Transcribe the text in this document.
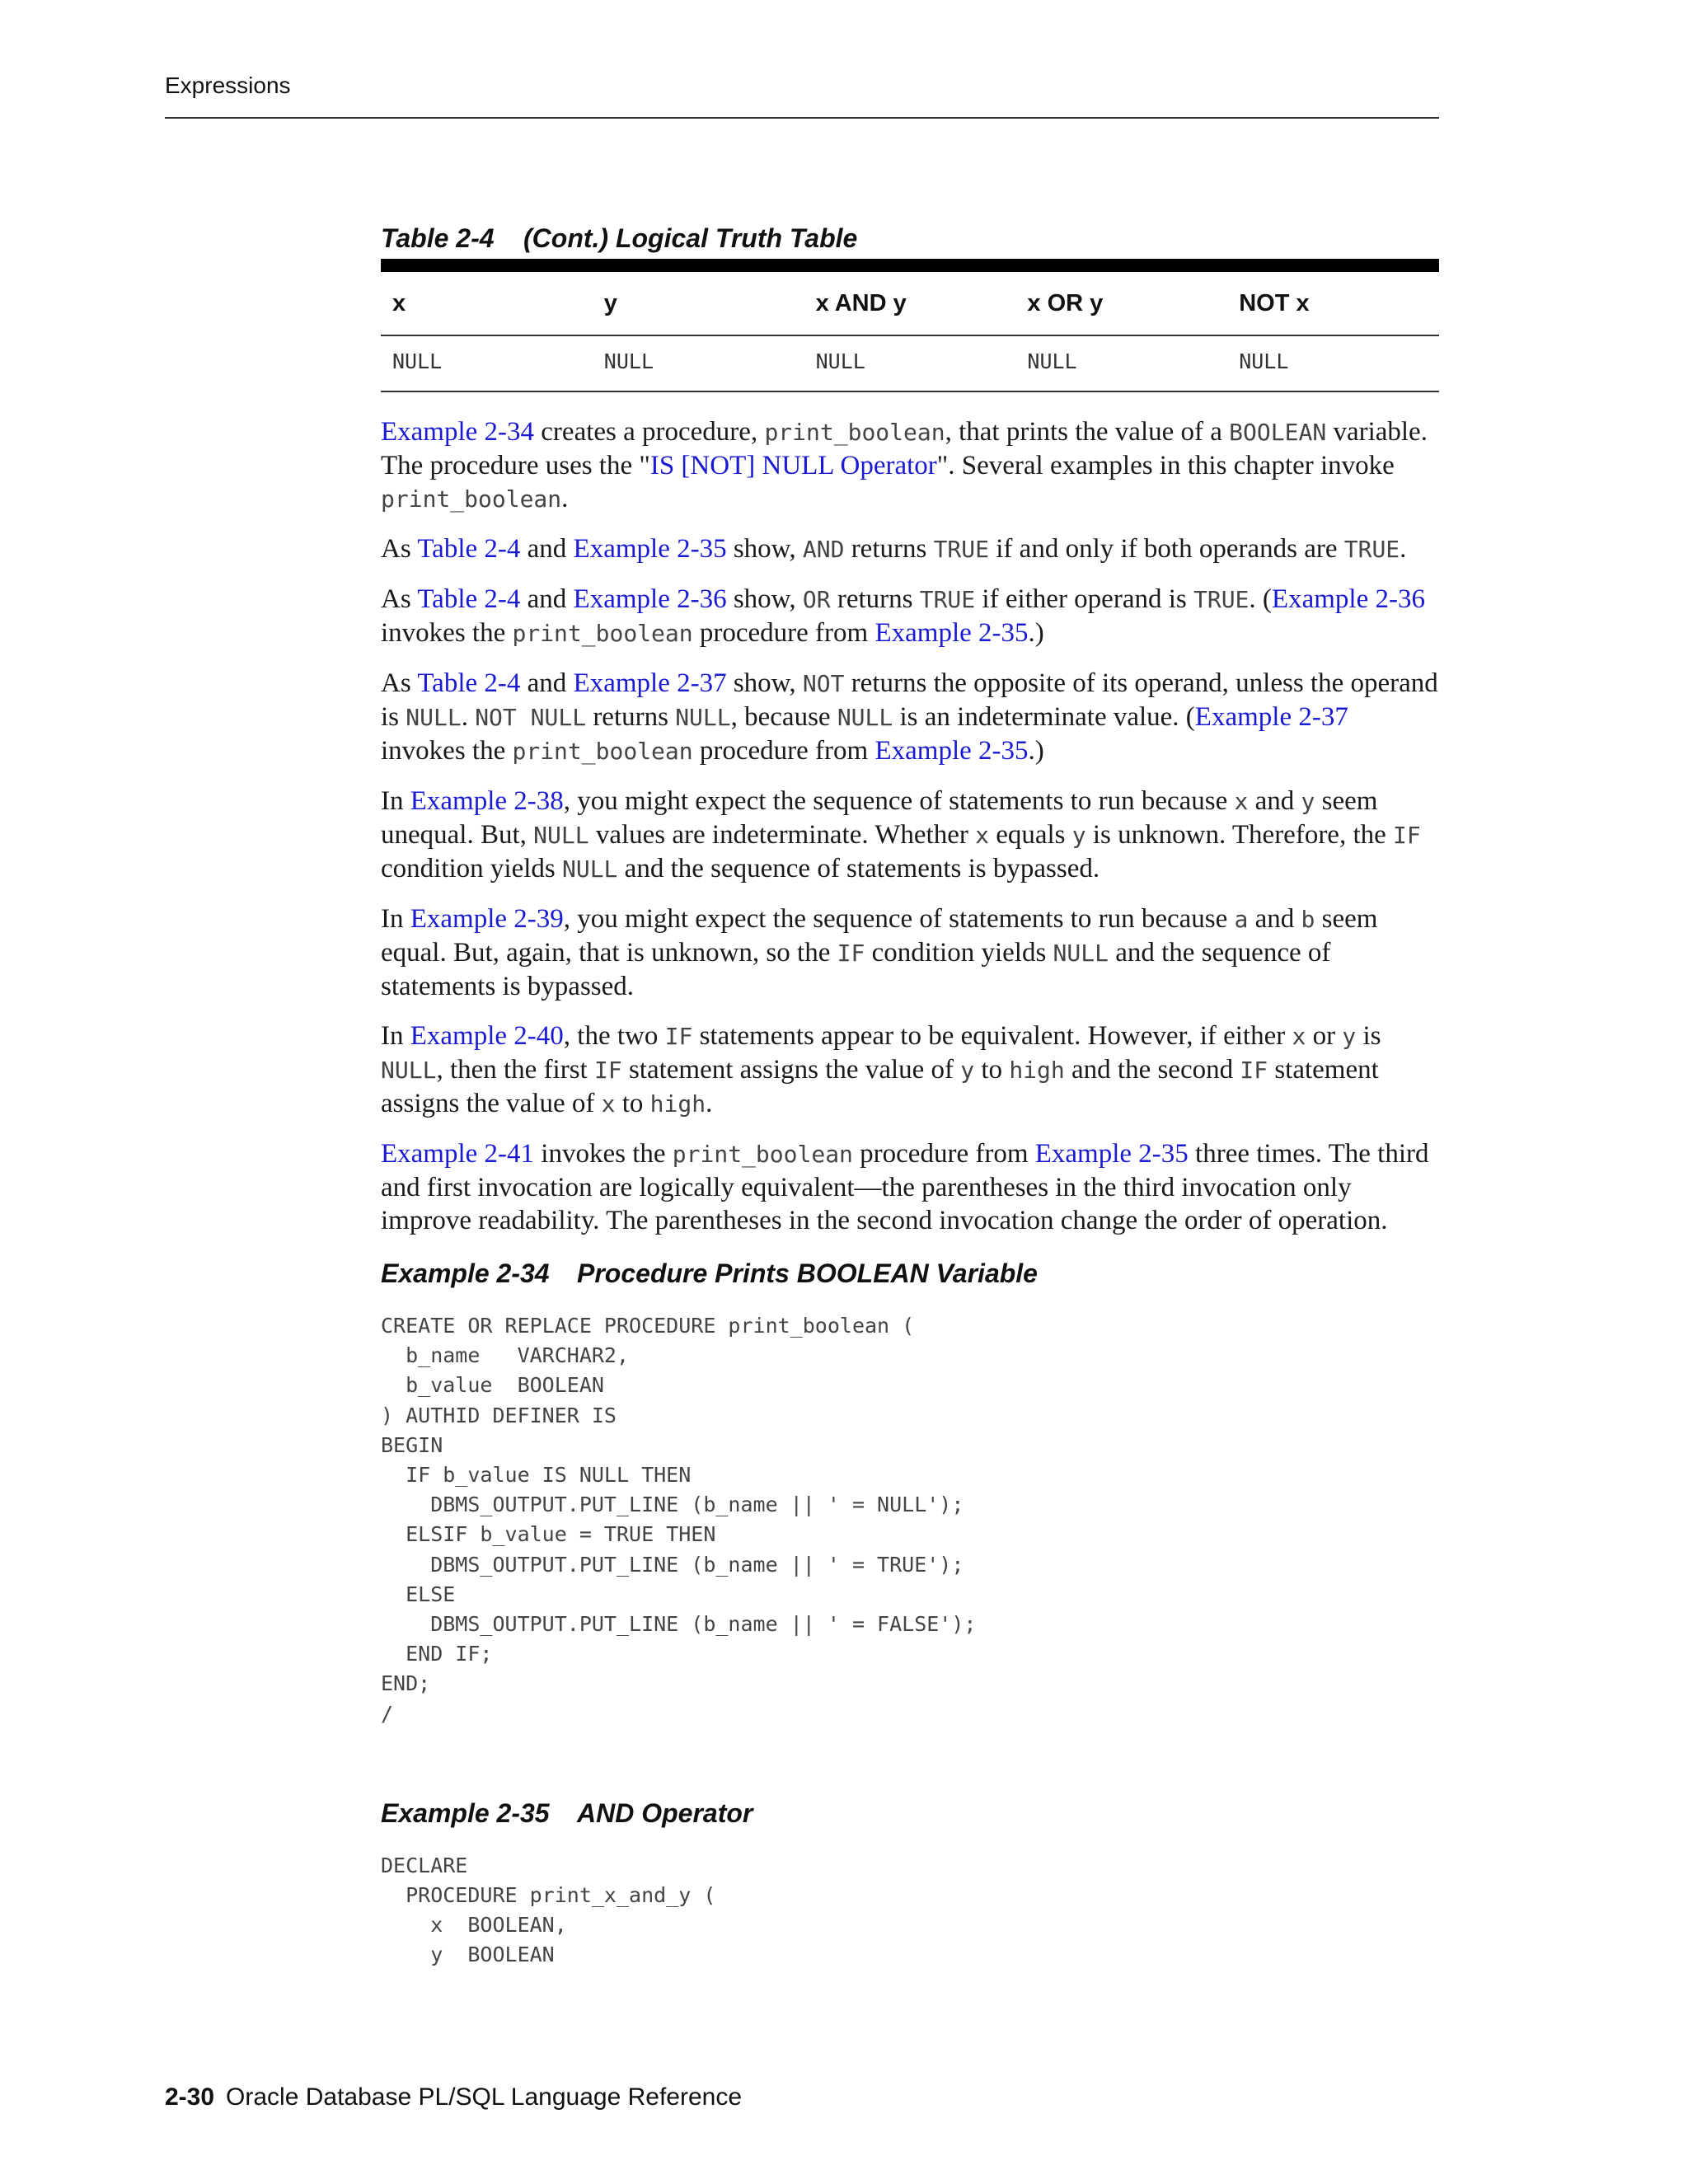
Expressions
Table 2-4 (Cont.) Logical Truth Table
x	y	x AND y	x OR y	NOT x
NULL	NULL	NULL	NULL	NULL

Example 2-34 creates a procedure, print_boolean, that prints the value of a BOOLEAN variable. The procedure uses the "IS [NOT] NULL Operator". Several examples in this chapter invoke print_boolean.

As Table 2-4 and Example 2-35 show, AND returns TRUE if and only if both operands are TRUE.

As Table 2-4 and Example 2-36 show, OR returns TRUE if either operand is TRUE. (Example 2-36 invokes the print_boolean procedure from Example 2-35.)

As Table 2-4 and Example 2-37 show, NOT returns the opposite of its operand, unless the operand is NULL. NOT NULL returns NULL, because NULL is an indeterminate value. (Example 2-37 invokes the print_boolean procedure from Example 2-35.)

In Example 2-38, you might expect the sequence of statements to run because x and y seem unequal. But, NULL values are indeterminate. Whether x equals y is unknown. Therefore, the IF condition yields NULL and the sequence of statements is bypassed.

In Example 2-39, you might expect the sequence of statements to run because a and b seem equal. But, again, that is unknown, so the IF condition yields NULL and the sequence of statements is bypassed.

In Example 2-40, the two IF statements appear to be equivalent. However, if either x or y is NULL, then the first IF statement assigns the value of y to high and the second IF statement assigns the value of x to high.

Example 2-41 invokes the print_boolean procedure from Example 2-35 three times. The third and first invocation are logically equivalent—the parentheses in the third invocation only improve readability. The parentheses in the second invocation change the order of operation.

Example 2-34 Procedure Prints BOOLEAN Variable
CREATE OR REPLACE PROCEDURE print_boolean (
b_name   VARCHAR2,
b_value  BOOLEAN
) AUTHID DEFINER IS
BEGIN
IF b_value IS NULL THEN
DBMS_OUTPUT.PUT_LINE (b_name || ' = NULL');
ELSIF b_value = TRUE THEN
DBMS_OUTPUT.PUT_LINE (b_name || ' = TRUE');
ELSE
DBMS_OUTPUT.PUT_LINE (b_name || ' = FALSE');
END IF;
END;
/
Example 2-35 AND Operator
DECLARE
PROCEDURE print_x_and_y (
x  BOOLEAN,
y  BOOLEAN
2-30 Oracle Database PL/SQL Language Reference
